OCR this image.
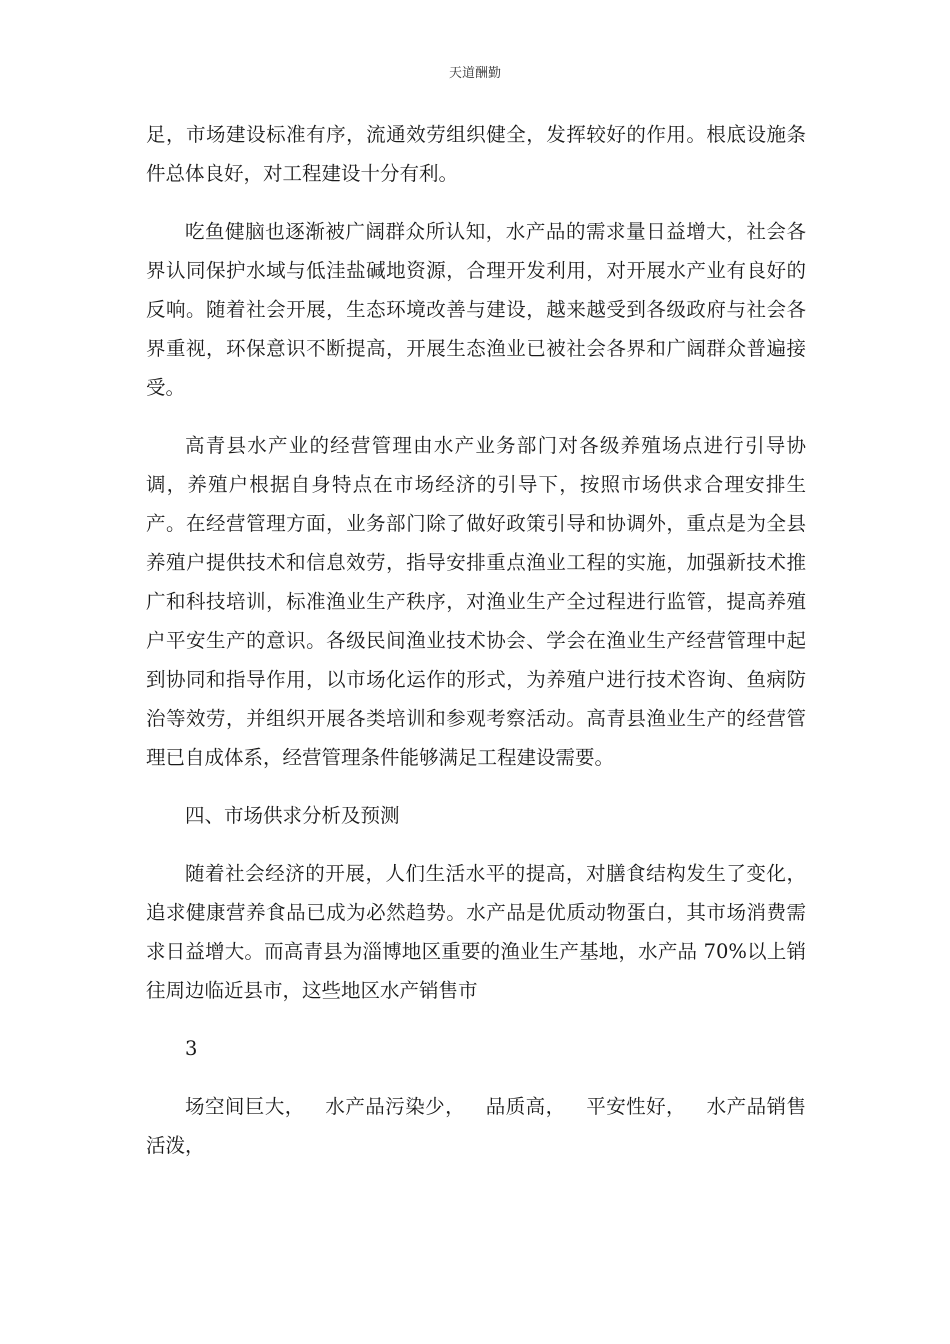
天道酬勤

足，市场建设标准有序，流通效劳组织健全，发挥较好的作用。根底设施条件总体良好，对工程建设十分有利。

吃鱼健脑也逐渐被广阔群众所认知，水产品的需求量日益增大，社会各界认同保护水域与低洼盐碱地资源，合理开发利用，对开展水产业有良好的反响。随着社会开展，生态环境改善与建设，越来越受到各级政府与社会各界重视，环保意识不断提高，开展生态渔业已被社会各界和广阔群众普遍接受。

高青县水产业的经营管理由水产业务部门对各级养殖场点进行引导协调，养殖户根据自身特点在市场经济的引导下，按照市场供求合理安排生产。在经营管理方面，业务部门除了做好政策引导和协调外，重点是为全县养殖户提供技术和信息效劳，指导安排重点渔业工程的实施，加强新技术推广和科技培训，标准渔业生产秩序，对渔业生产全过程进行监管，提高养殖户平安生产的意识。各级民间渔业技术协会、学会在渔业生产经营管理中起到协同和指导作用，以市场化运作的形式，为养殖户进行技术咨询、鱼病防治等效劳，并组织开展各类培训和参观考察活动。高青县渔业生产的经营管理已自成体系，经营管理条件能够满足工程建设需要。

四、市场供求分析及预测

随着社会经济的开展，人们生活水平的提高，对膳食结构发生了变化，追求健康营养食品已成为必然趋势。水产品是优质动物蛋白，其市场消费需求日益增大。而高青县为淄博地区重要的渔业生产基地，水产品 70%以上销往周边临近县市，这些地区水产销售市

3

场空间巨大， 水产品污染少， 品质高， 平安性好， 水产品销售活泼，
